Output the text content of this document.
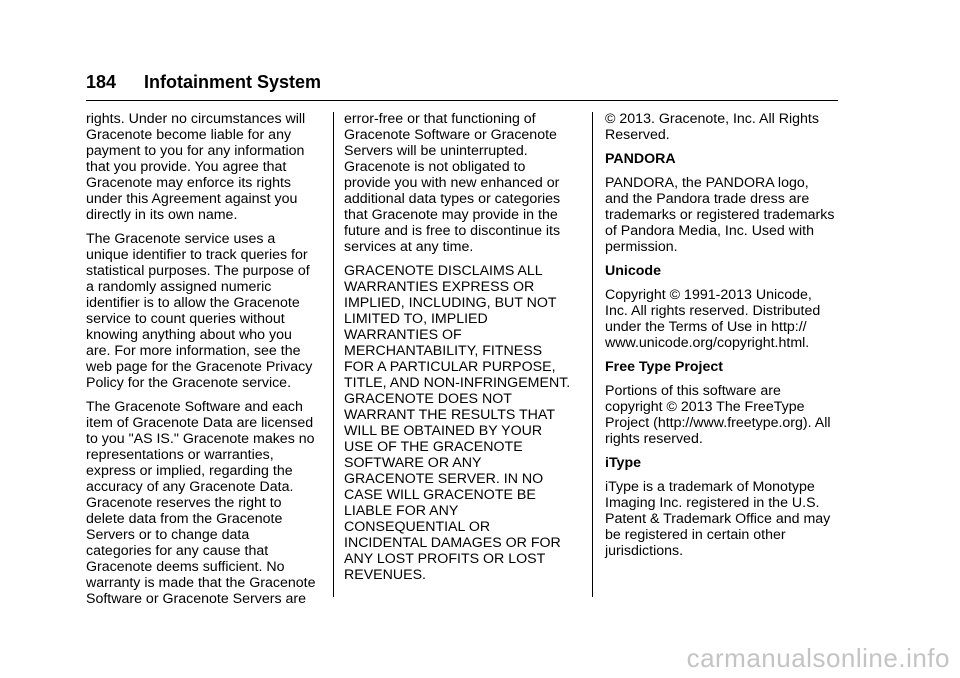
184 Infotainment System

rights. Under no circumstances will
Gracenote become liable for any
payment to you for any information
that you provide. You agree that
Gracenote may enforce its rights
under this Agreement against you
directly in its own name.

The Gracenote service uses a
unique identifier to track queries for
statistical purposes. The purpose of
a randomly assigned numeric
identifier is to allow the Gracenote
service to count queries without
knowing anything about who you
are. For more information, see the
web page for the Gracenote Privacy
Policy for the Gracenote service.

The Gracenote Software and each
item of Gracenote Data are licensed
to you "AS IS." Gracenote makes no
representations or warranties,
express or implied, regarding the
accuracy of any Gracenote Data.
Gracenote reserves the right to
delete data from the Gracenote
Servers or to change data
categories for any cause that
Gracenote deems sufficient. No
warranty is made that the Gracenote
Software or Gracenote Servers are

error-free or that functioning of
Gracenote Software or Gracenote
Servers will be uninterrupted.
Gracenote is not obligated to
provide you with new enhanced or
additional data types or categories
that Gracenote may provide in the
future and is free to discontinue its
services at any time.

GRACENOTE DISCLAIMS ALL
WARRANTIES EXPRESS OR
IMPLIED, INCLUDING, BUT NOT
LIMITED TO, IMPLIED
WARRANTIES OF
MERCHANTABILITY, FITNESS
FOR A PARTICULAR PURPOSE,
TITLE, AND NON-INFRINGEMENT.
GRACENOTE DOES NOT
WARRANT THE RESULTS THAT
WILL BE OBTAINED BY YOUR
USE OF THE GRACENOTE
SOFTWARE OR ANY
GRACENOTE SERVER. IN NO
CASE WILL GRACENOTE BE
LIABLE FOR ANY
CONSEQUENTIAL OR
INCIDENTAL DAMAGES OR FOR
ANY LOST PROFITS OR LOST
REVENUES.

© 2013. Gracenote, Inc. All Rights
Reserved.

PANDORA

PANDORA, the PANDORA logo,
and the Pandora trade dress are
trademarks or registered trademarks
of Pandora Media, Inc. Used with
permission.

Unicode

Copyright © 1991-2013 Unicode,
Inc. All rights reserved. Distributed
under the Terms of Use in http://
www.unicode.org/copyright.html.

Free Type Project

Portions of this software are
copyright © 2013 The FreeType
Project (http://www.freetype.org). All
rights reserved.

iType

iType is a trademark of Monotype
Imaging Inc. registered in the U.S.
Patent & Trademark Office and may
be registered in certain other
jurisdictions.

carmanualsonline.info
